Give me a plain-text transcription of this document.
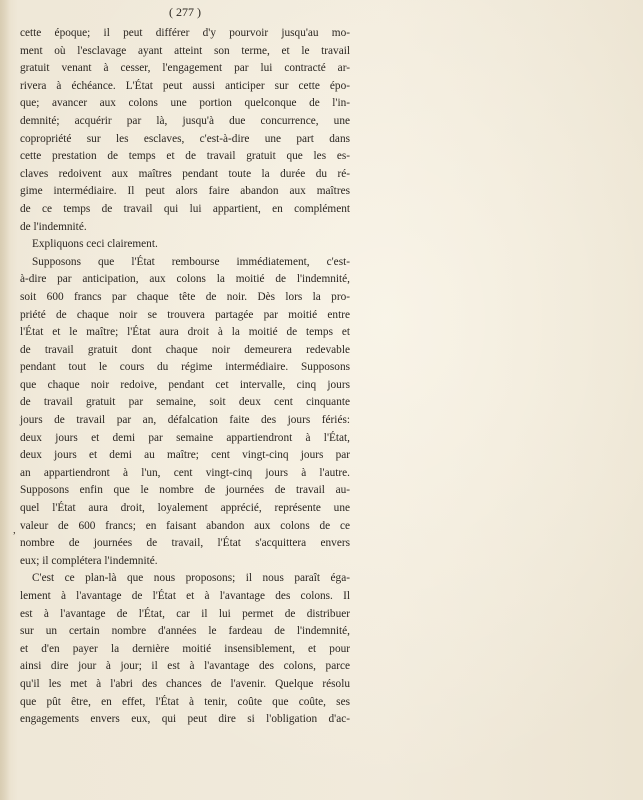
( 277 )
,
cette époque; il peut différer d'y pourvoir jusqu'au mo-
ment où l'esclavage ayant atteint son terme, et le travail
gratuit venant à cesser, l'engagement par lui contracté ar-
rivera à échéance. L'État peut aussi anticiper sur cette épo-
que; avancer aux colons une portion quelconque de l'in-
demnité; acquérir par là, jusqu'à due concurrence, une
copropriété sur les esclaves, c'est-à-dire une part dans
cette prestation de temps et de travail gratuit que les es-
claves redoivent aux maîtres pendant toute la durée du ré-
gime intermédiaire. Il peut alors faire abandon aux maîtres
de ce temps de travail qui lui appartient, en complément
de l'indemnité.
Expliquons ceci clairement.
Supposons que l'État rembourse immédiatement, c'est-
à-dire par anticipation, aux colons la moitié de l'indemnité,
soit 600 francs par chaque tête de noir. Dès lors la pro-
priété de chaque noir se trouvera partagée par moitié entre
l'État et le maître; l'État aura droit à la moitié de temps et
de travail gratuit dont chaque noir demeurera redevable
pendant tout le cours du régime intermédiaire. Supposons
que chaque noir redoive, pendant cet intervalle, cinq jours
de travail gratuit par semaine, soit deux cent cinquante
jours de travail par an, défalcation faite des jours fériés:
deux jours et demi par semaine appartiendront à l'État,
deux jours et demi au maître; cent vingt-cinq jours par
an appartiendront à l'un, cent vingt-cinq jours à l'autre.
Supposons enfin que le nombre de journées de travail au-
quel l'État aura droit, loyalement apprécié, représente une
valeur de 600 francs; en faisant abandon aux colons de ce
nombre de journées de travail, l'État s'acquittera envers
eux; il complétera l'indemnité.
C'est ce plan-là que nous proposons; il nous paraît éga-
lement à l'avantage de l'État et à l'avantage des colons. Il
est à l'avantage de l'État, car il lui permet de distribuer
sur un certain nombre d'années le fardeau de l'indemnité,
et d'en payer la dernière moitié insensiblement, et pour
ainsi dire jour à jour; il est à l'avantage des colons, parce
qu'il les met à l'abri des chances de l'avenir. Quelque résolu
que pût être, en effet, l'État à tenir, coûte que coûte, ses
engagements envers eux, qui peut dire si l'obligation d'ac-
